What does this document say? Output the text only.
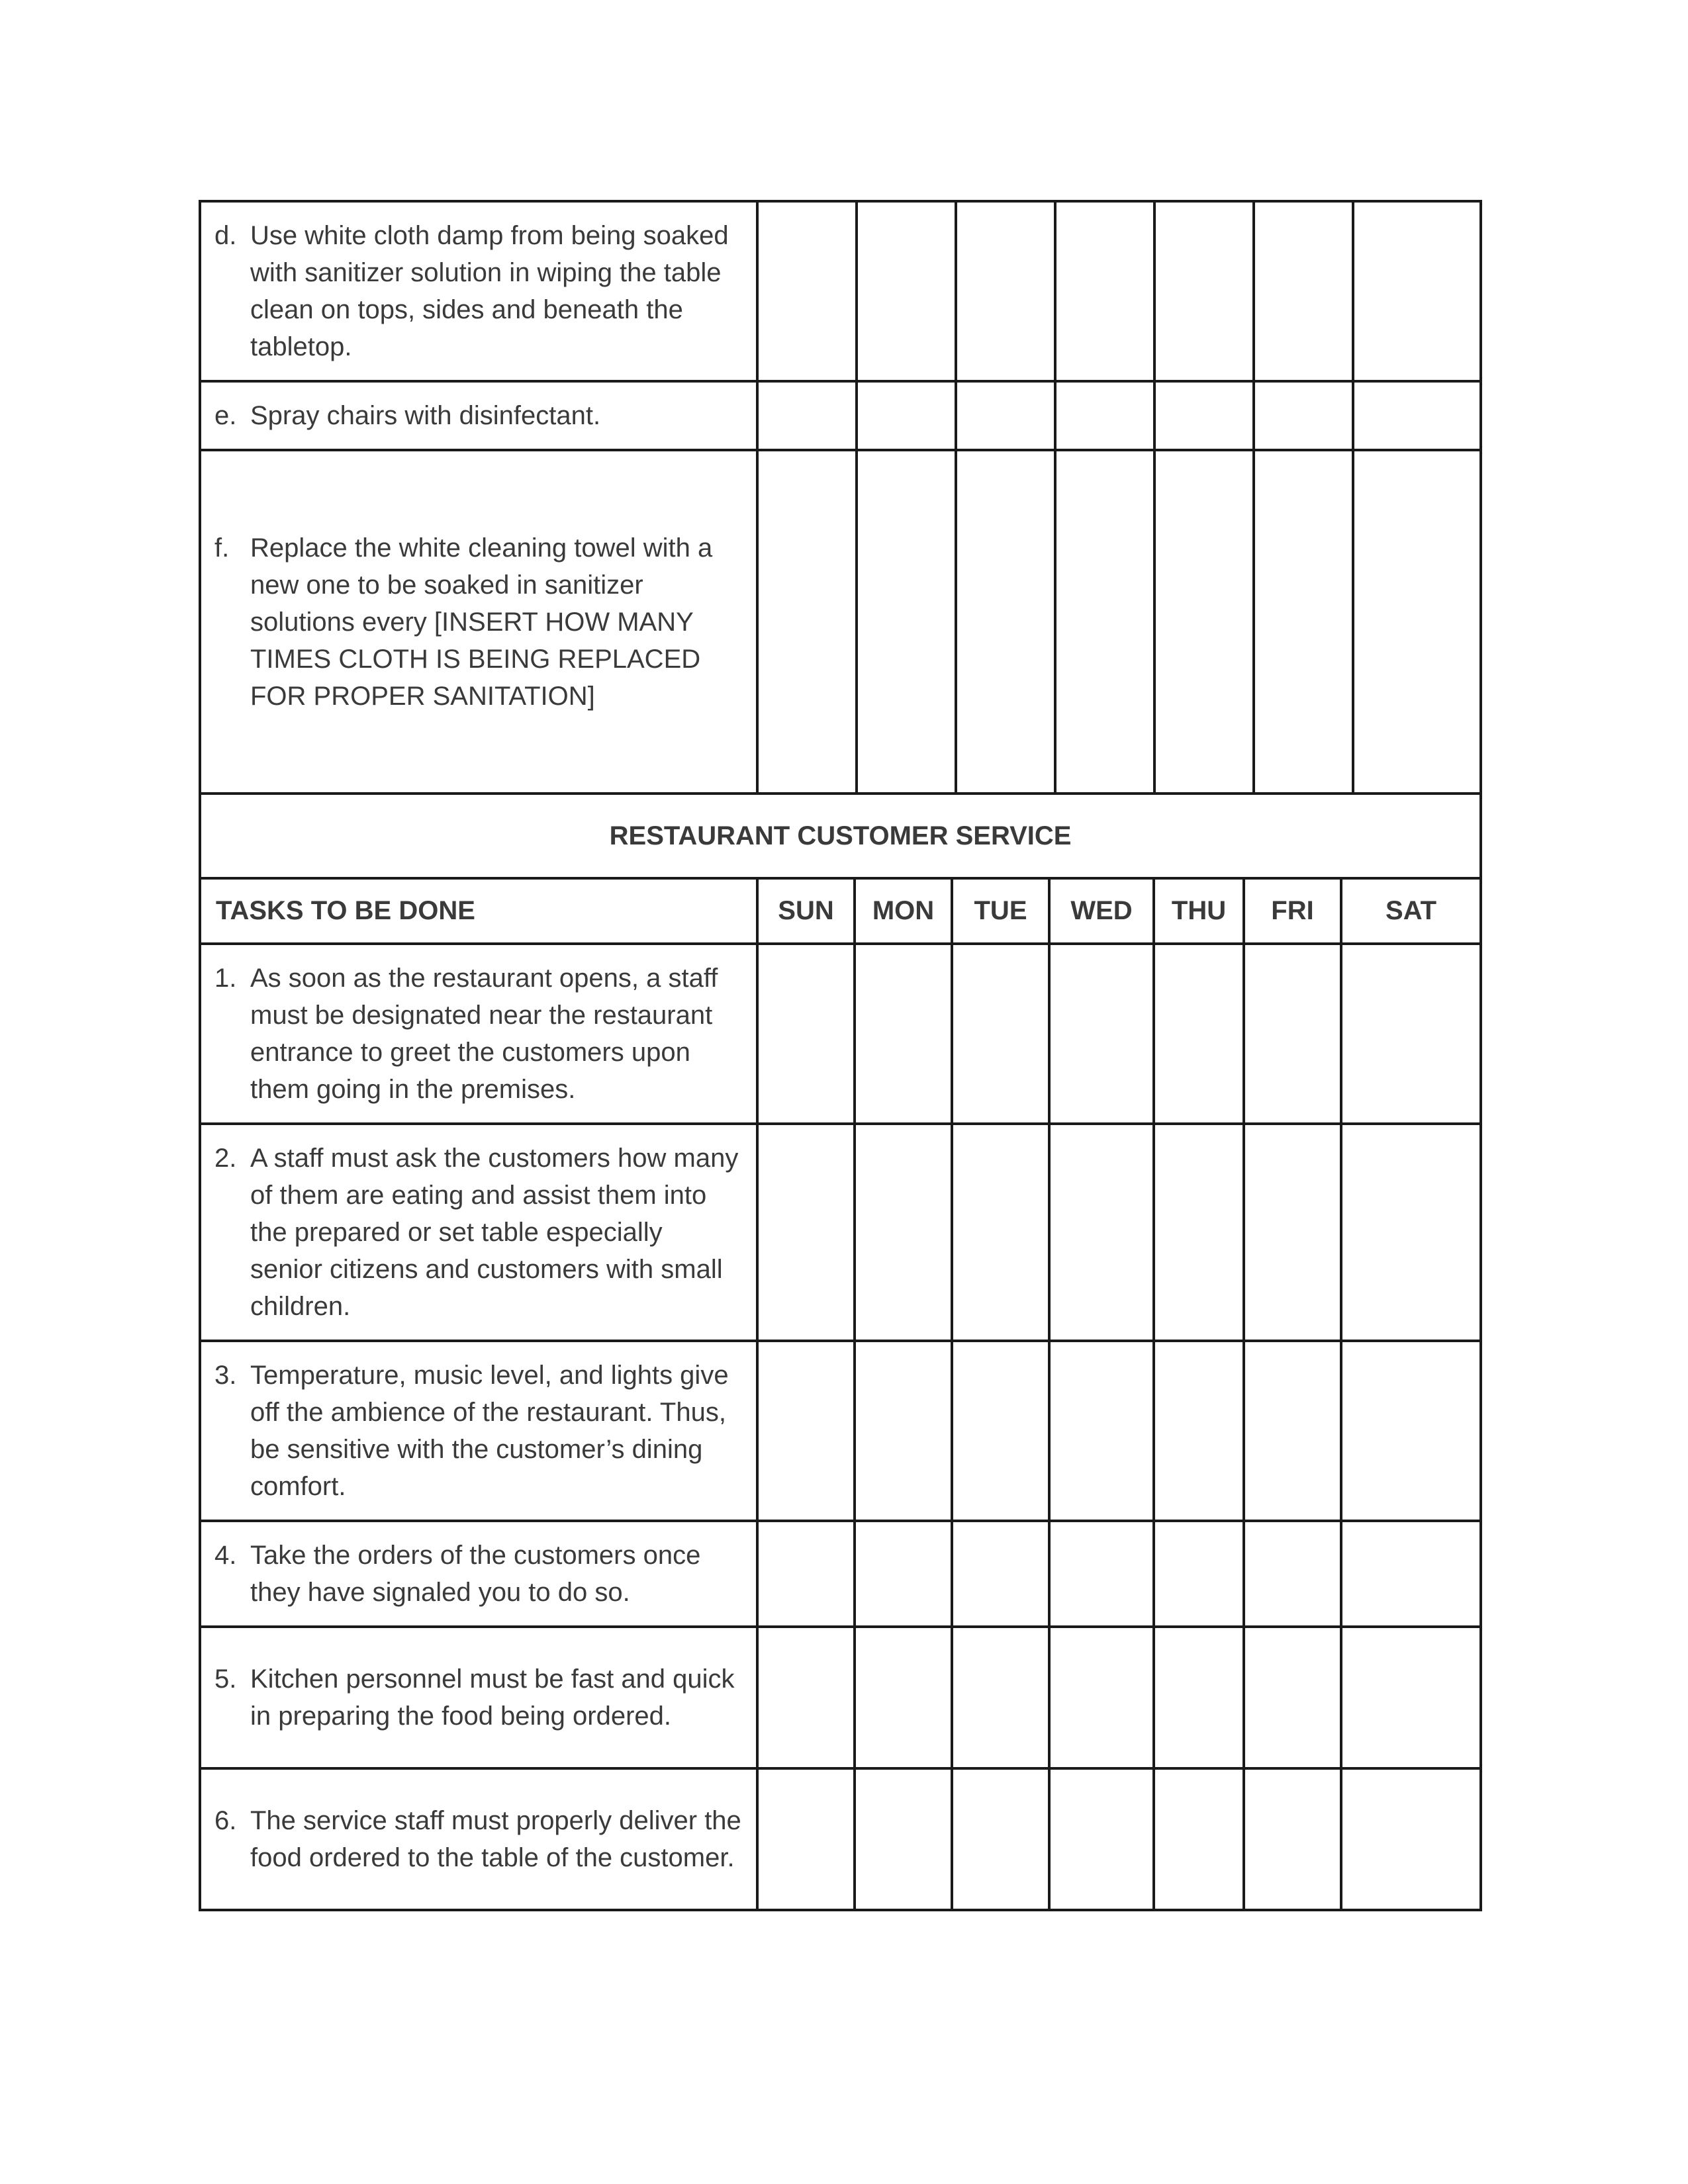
d. Use white cloth damp from being soaked with sanitizer solution in wiping the table clean on tops, sides and beneath the tabletop.							

e. Spray chairs with disinfectant.							

f. Replace the white cleaning towel with a new one to be soaked in sanitizer solutions every [INSERT HOW MANY TIMES CLOTH IS BEING REPLACED FOR PROPER SANITATION]							

RESTAURANT CUSTOMER SERVICE							
TASKS TO BE DONE	SUN	MON	TUE	WED	THU	FRI	SAT

1. As soon as the restaurant opens, a staff must be designated near the restaurant entrance to greet the customers upon them going in the premises.							

2. A staff must ask the customers how many of them are eating and assist them into the prepared or set table especially senior citizens and customers with small children.							

3. Temperature, music level, and lights give off the ambience of the restaurant. Thus, be sensitive with the customer’s dining comfort.							

4. Take the orders of the customers once they have signaled you to do so.							

5. Kitchen personnel must be fast and quick in preparing the food being ordered.							

6. The service staff must properly deliver the food ordered to the table of the customer.							
